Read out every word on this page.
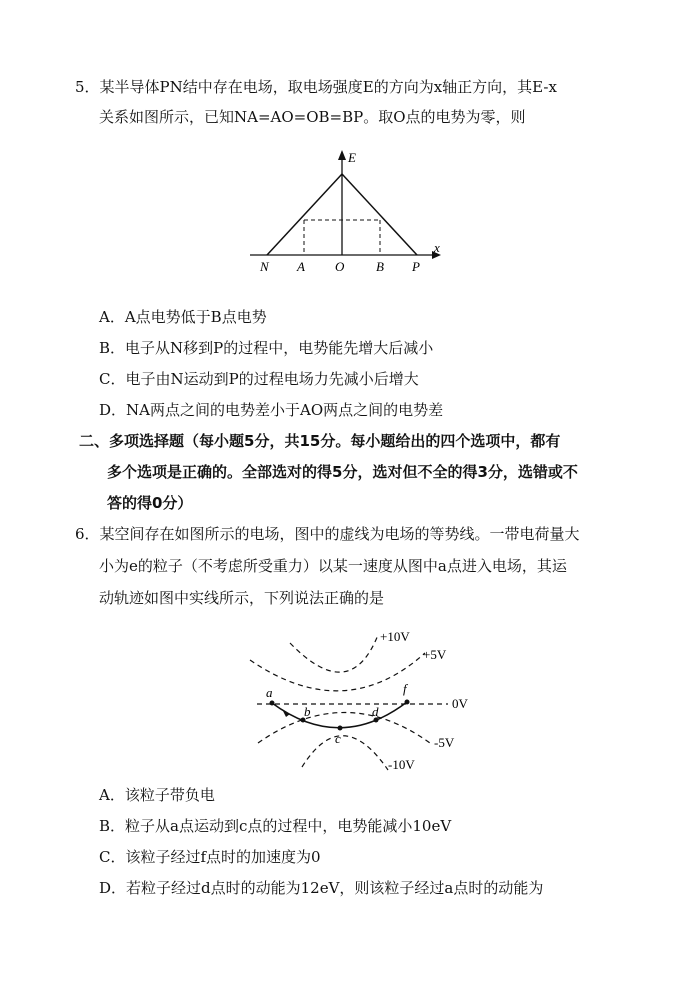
5．某半导体PN结中存在电场，取电场强度E的方向为x轴正方向，其E-x
关系如图所示，已知NA=AO=OB=BP。取O点的电势为零，则
E
x
N A O B P
A．A点电势低于B点电势
B．电子从N移到P的过程中，电势能先增大后减小
C．电子由N运动到P的过程电场力先减小后增大
D．NA两点之间的电势差小于AO两点之间的电势差
二、多项选择题（每小题5分，共15分。每小题给出的四个选项中，都有
多个选项是正确的。全部选对的得5分，选对但不全的得3分，选错或不
答的得0分）
6．某空间存在如图所示的电场，图中的虚线为电场的等势线。一带电荷量大
小为e的粒子（不考虑所受重力）以某一速度从图中a点进入电场，其运
动轨迹如图中实线所示，下列说法正确的是
a
b
c
d
f
+10V
+5V
0V
-5V
-10V
A．该粒子带负电
B．粒子从a点运动到c点的过程中，电势能减小10eV
C．该粒子经过f点时的加速度为0
D．若粒子经过d点时的动能为12eV，则该粒子经过a点时的动能为
